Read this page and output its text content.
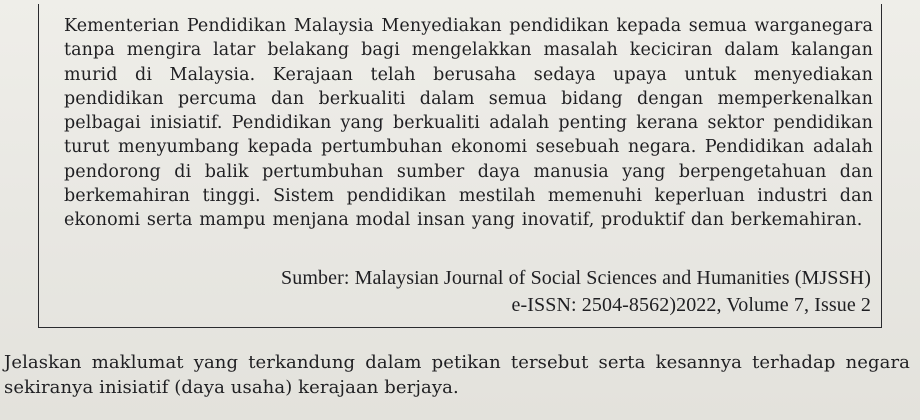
Kementerian Pendidikan Malaysia Menyediakan pendidikan kepada semua warganegara tanpa mengira latar belakang bagi mengelakkan masalah keciciran dalam kalangan murid di Malaysia. Kerajaan telah berusaha sedaya upaya untuk menyediakan pendidikan percuma dan berkualiti dalam semua bidang dengan memperkenalkan pelbagai inisiatif. Pendidikan yang berkualiti adalah penting kerana sektor pendidikan turut menyumbang kepada pertumbuhan ekonomi sesebuah negara. Pendidikan adalah pendorong di balik pertumbuhan sumber daya manusia yang berpengetahuan dan berkemahiran tinggi. Sistem pendidikan mestilah memenuhi keperluan industri dan ekonomi serta mampu menjana modal insan yang inovatif, produktif dan berkemahiran.

Sumber: Malaysian Journal of Social Sciences and Humanities (MJSSH)

e-ISSN: 2504-8562)2022, Volume 7, Issue 2

Jelaskan maklumat yang terkandung dalam petikan tersebut serta kesannya terhadap negara
sekiranya inisiatif (daya usaha) kerajaan berjaya.
